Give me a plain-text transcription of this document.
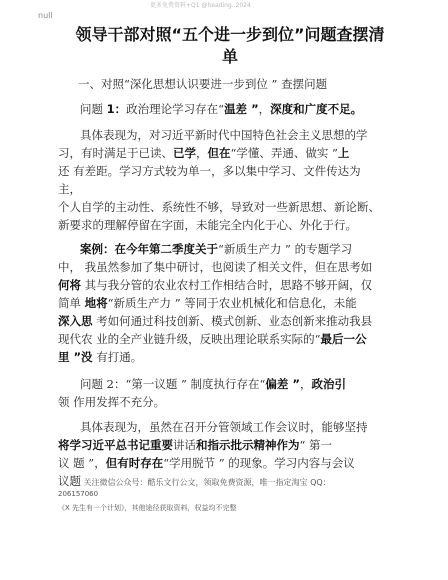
更多免费资料+Q1 @heading..2024
null
领导干部对照“五个进一步到位”问题查摆清
单
一、对照“深化思想认识要进一步到位 ” 查摆问题
问题 1：政治理论学习存在“温差 ”，深度和广度不足。
具体表现为，对习近平新时代中国特色社会主义思想的学
习，有时满足于已读、已学，但在“学懂、弄通、做实 ”上
还 有差距。学习方式较为单一，多以集中学习、文件传达为
主，
个人自学的主动性、系统性不够，导致对一些新思想、新论断、
新要求的理解停留在字面，未能完全内化于心、外化于行。
案例：在今年第二季度关于“新质生产力 ” 的专题学习
中， 我虽然参加了集中研讨，也阅读了相关文件，但在思考如
何将 其与我分管的农业农村工作相结合时，思路不够开阔，仅
简单 地将“新质生产力 ” 等同于农业机械化和信息化，未能
深入思 考如何通过科技创新、模式创新、业态创新来推动我县
现代农 业的全产业链升级，反映出理论联系实际的“最后一公
里 ”没 有打通。
问题 2：“第一议题 ” 制度执行存在“偏差 ”，政治引
领 作用发挥不充分。
具体表现为，虽然在召开分管领域工作会议时，能够坚持
将学习近平总书记重要讲话和指示批示精神作为“ 第一
议 题 ”，但有时存在“学用脱节 ” 的现象。学习内容与会议
议题 关注微信公众号：酷乐文行公文，领取免费资源，唯一指定淘宝 QQ：
206157060
《X 先生有一个计划》，其他途径获取资料，权益均不完整
